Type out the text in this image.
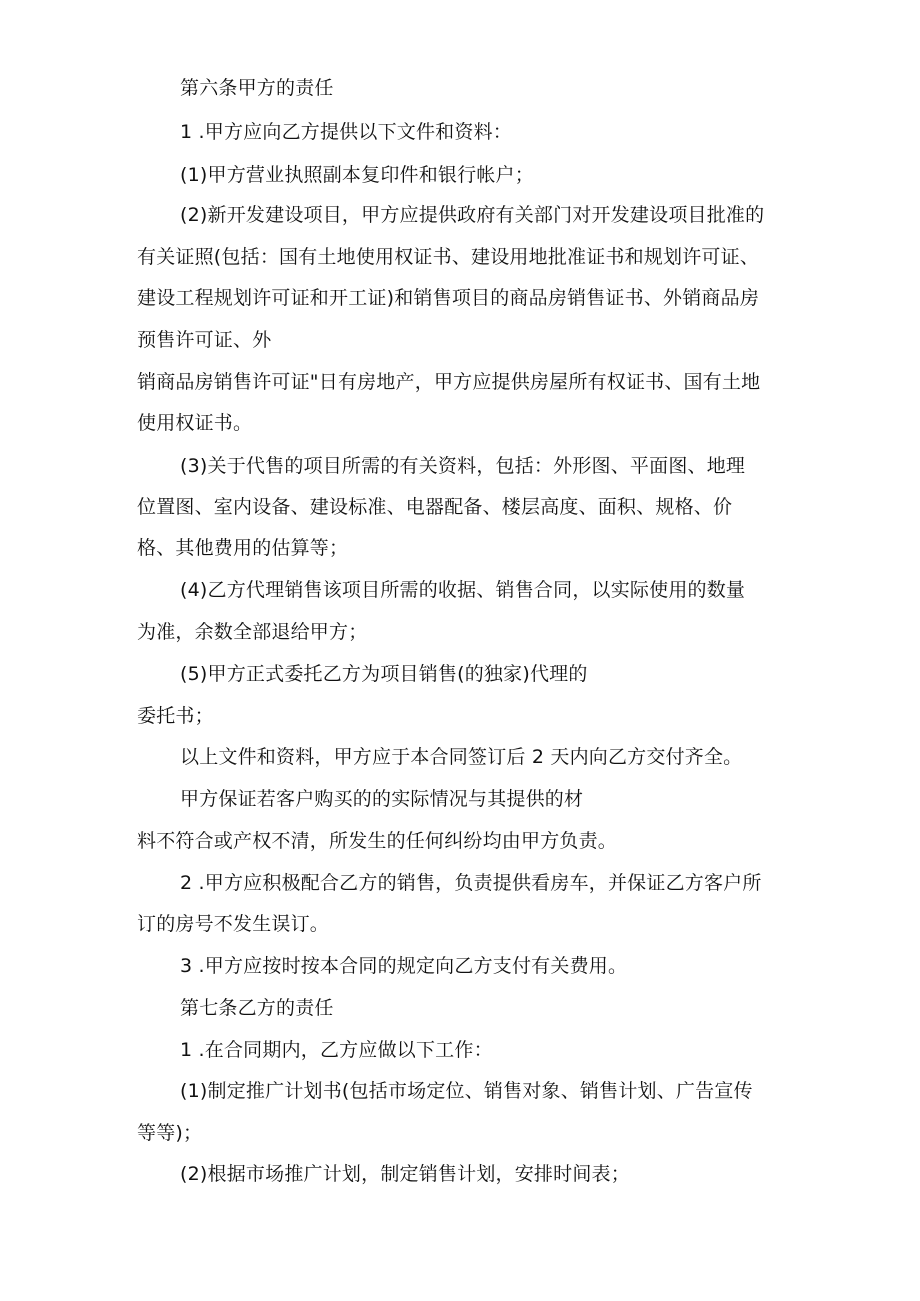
第六条甲方的责任
1 .甲方应向乙方提供以下文件和资料：
(1)甲方营业执照副本复印件和银行帐户；
(2)新开发建设项目，甲方应提供政府有关部门对开发建设项目批准的
有关证照(包括：国有土地使用权证书、建设用地批准证书和规划许可证、
建设工程规划许可证和开工证)和销售项目的商品房销售证书、外销商品房
预售许可证、外
销商品房销售许可证"日有房地产，甲方应提供房屋所有权证书、国有土地
使用权证书。
(3)关于代售的项目所需的有关资料，包括：外形图、平面图、地理
位置图、室内设备、建设标准、电器配备、楼层高度、面积、规格、价
格、其他费用的估算等；
(4)乙方代理销售该项目所需的收据、销售合同，以实际使用的数量
为准，余数全部退给甲方；
(5)甲方正式委托乙方为项目销售(的独家)代理的
委托书；
以上文件和资料，甲方应于本合同签订后 2 天内向乙方交付齐全。
甲方保证若客户购买的的实际情况与其提供的材
料不符合或产权不清，所发生的任何纠纷均由甲方负责。
2 .甲方应积极配合乙方的销售，负责提供看房车，并保证乙方客户所
订的房号不发生误订。
3 .甲方应按时按本合同的规定向乙方支付有关费用。
第七条乙方的责任
1 .在合同期内，乙方应做以下工作：
(1)制定推广计划书(包括市场定位、销售对象、销售计划、广告宣传
等等)；
(2)根据市场推广计划，制定销售计划，安排时间表；
